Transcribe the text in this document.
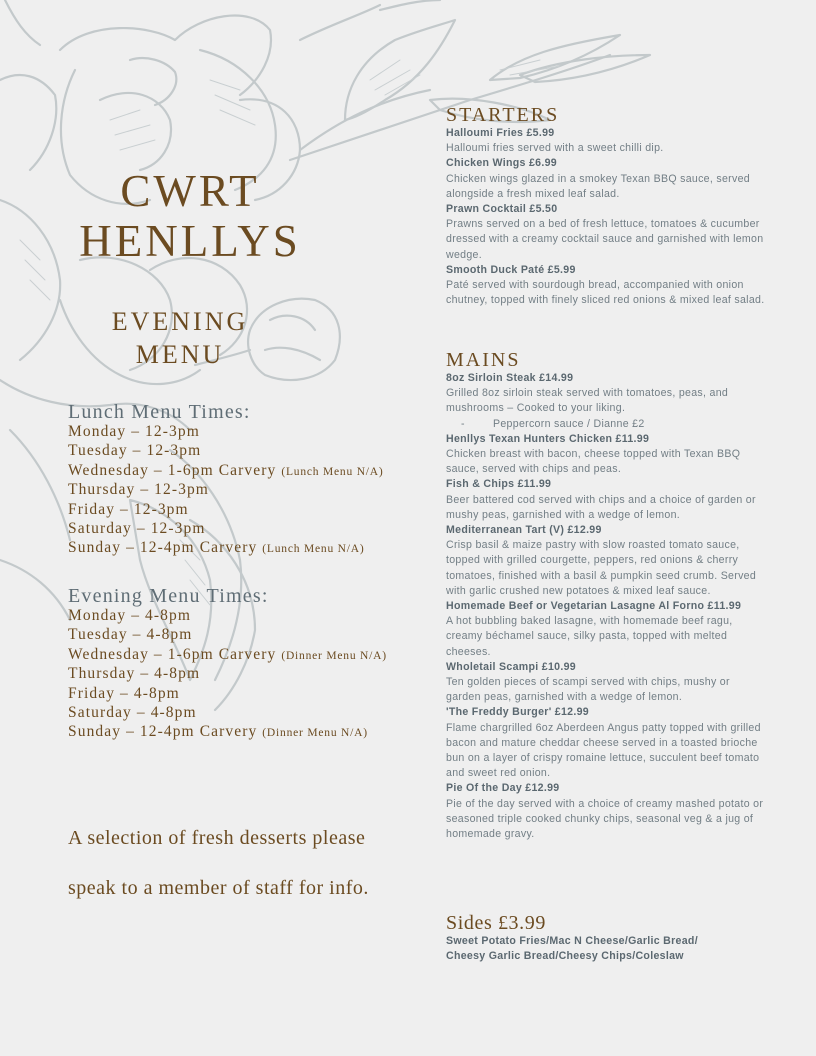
CWRT
HENLLYS
EVENING
MENU
Lunch Menu Times:
Monday – 12-3pm
Tuesday – 12-3pm
Wednesday – 1-6pm Carvery (Lunch Menu N/A)
Thursday – 12-3pm
Friday – 12-3pm
Saturday – 12-3pm
Sunday – 12-4pm Carvery (Lunch Menu N/A)
Evening Menu Times:
Monday – 4-8pm
Tuesday – 4-8pm
Wednesday – 1-6pm Carvery (Dinner Menu N/A)
Thursday – 4-8pm
Friday – 4-8pm
Saturday – 4-8pm
Sunday – 12-4pm Carvery (Dinner Menu N/A)
A selection of fresh desserts please
speak to a member of staff for info.
STARTERS
Halloumi Fries £5.99
Halloumi fries served with a sweet chilli dip.
Chicken Wings £6.99
Chicken wings glazed in a smokey Texan BBQ sauce, served alongside a fresh mixed leaf salad.
Prawn Cocktail £5.50
Prawns served on a bed of fresh lettuce, tomatoes & cucumber dressed with a creamy cocktail sauce and garnished with lemon wedge.
Smooth Duck Paté £5.99
Paté served with sourdough bread, accompanied with onion chutney, topped with finely sliced red onions & mixed leaf salad.
MAINS
8oz Sirloin Steak £14.99
Grilled 8oz sirloin steak served with tomatoes, peas, and mushrooms – Cooked to your liking.
-	Peppercorn sauce / Dianne £2
Henllys Texan Hunters Chicken £11.99
Chicken breast with bacon, cheese topped with Texan BBQ sauce, served with chips and peas.
Fish & Chips £11.99
Beer battered cod served with chips and a choice of garden or mushy peas, garnished with a wedge of lemon.
Mediterranean Tart (V) £12.99
Crisp basil & maize pastry with slow roasted tomato sauce, topped with grilled courgette, peppers, red onions & cherry tomatoes, finished with a basil & pumpkin seed crumb. Served with garlic crushed new potatoes & mixed leaf sauce.
Homemade Beef or Vegetarian Lasagne Al Forno £11.99
A hot bubbling baked lasagne, with homemade beef ragu, creamy béchamel sauce, silky pasta, topped with melted cheeses.
Wholetail Scampi £10.99
Ten golden pieces of scampi served with chips, mushy or garden peas, garnished with a wedge of lemon.
'The Freddy Burger' £12.99
Flame chargrilled 6oz Aberdeen Angus patty topped with grilled bacon and mature cheddar cheese served in a toasted brioche bun on a layer of crispy romaine lettuce, succulent beef tomato and sweet red onion.
Pie Of the Day £12.99
Pie of the day served with a choice of creamy mashed potato or seasoned triple cooked chunky chips, seasonal veg & a jug of homemade gravy.
Sides £3.99
Sweet Potato Fries/Mac N Cheese/Garlic Bread/
Cheesy Garlic Bread/Cheesy Chips/Coleslaw
